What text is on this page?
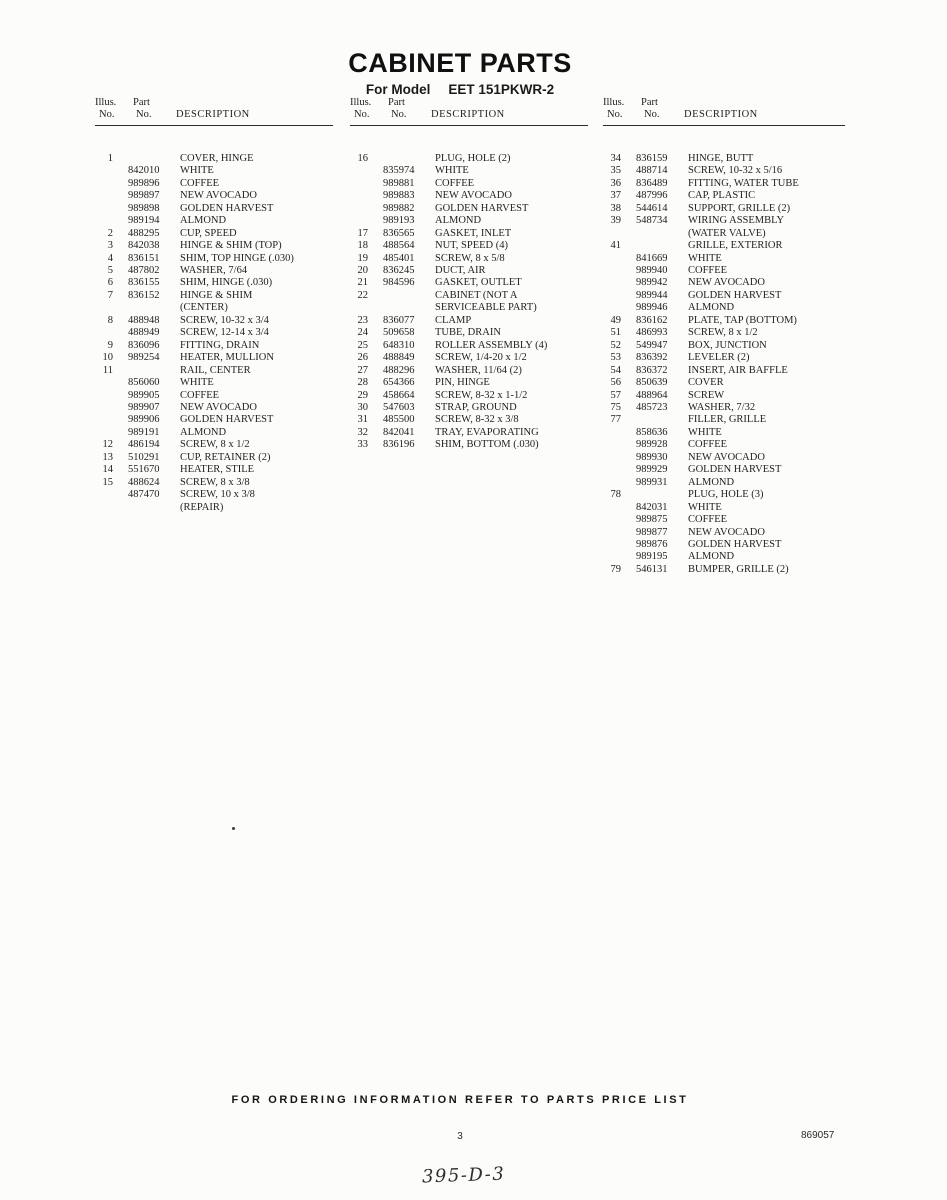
CABINET PARTS
For Model EET 151PKWR-2
Illus. Part
No. No. DESCRIPTION
1	COVER, HINGE
842010	WHITE
989896	COFFEE
989897	NEW AVOCADO
989898	GOLDEN HARVEST
989194	ALMOND
2 488295	CUP, SPEED
3 842038	HINGE & SHIM (TOP)
4 836151	SHIM, TOP HINGE (.030)
5 487802	WASHER, 7/64
6 836155	SHIM, HINGE (.030)
7 836152	HINGE & SHIM
(CENTER)
8 488948	SCREW, 10-32 x 3/4
488949	SCREW, 12-14 x 3/4
9 836096	FITTING, DRAIN
10 989254	HEATER, MULLION
11	RAIL, CENTER
856060	WHITE
989905	COFFEE
989907	NEW AVOCADO
989906	GOLDEN HARVEST
989191	ALMOND
12 486194	SCREW, 8 x 1/2
13 510291	CUP, RETAINER (2)
14 551670	HEATER, STILE
15 488624	SCREW, 8 x 3/8
487470	SCREW, 10 x 3/8
(REPAIR)
Illus. Part
No. No. DESCRIPTION
16	PLUG, HOLE (2)
835974	WHITE
989881	COFFEE
989883	NEW AVOCADO
989882	GOLDEN HARVEST
989193	ALMOND
17 836565	GASKET, INLET
18 488564	NUT, SPEED (4)
19 485401	SCREW, 8 x 5/8
20 836245	DUCT, AIR
21 984596	GASKET, OUTLET
22	CABINET (NOT A
SERVICEABLE PART)
23 836077	CLAMP
24 509658	TUBE, DRAIN
25 648310	ROLLER ASSEMBLY (4)
26 488849	SCREW, 1/4-20 x 1/2
27 488296	WASHER, 11/64 (2)
28 654366	PIN, HINGE
29 458664	SCREW, 8-32 x 1-1/2
30 547603	STRAP, GROUND
31 485500	SCREW, 8-32 x 3/8
32 842041	TRAY, EVAPORATING
33 836196	SHIM, BOTTOM (.030)
Illus. Part
No. No. DESCRIPTION
34 836159	HINGE, BUTT
35 488714	SCREW, 10-32 x 5/16
36 836489	FITTING, WATER TUBE
37 487996	CAP, PLASTIC
38 544614	SUPPORT, GRILLE (2)
39 548734	WIRING ASSEMBLY
(WATER VALVE)
41	GRILLE, EXTERIOR
841669	WHITE
989940	COFFEE
989942	NEW AVOCADO
989944	GOLDEN HARVEST
989946	ALMOND
49 836162	PLATE, TAP (BOTTOM)
51 486993	SCREW, 8 x 1/2
52 549947	BOX, JUNCTION
53 836392	LEVELER (2)
54 836372	INSERT, AIR BAFFLE
56 850639	COVER
57 488964	SCREW
75 485723	WASHER, 7/32
77	FILLER, GRILLE
858636	WHITE
989928	COFFEE
989930	NEW AVOCADO
989929	GOLDEN HARVEST
989931	ALMOND
78	PLUG, HOLE (3)
842031	WHITE
989875	COFFEE
989877	NEW AVOCADO
989876	GOLDEN HARVEST
989195	ALMOND
79 546131	BUMPER, GRILLE (2)
FOR ORDERING INFORMATION REFER TO PARTS PRICE LIST
3	869057
395-D-3
